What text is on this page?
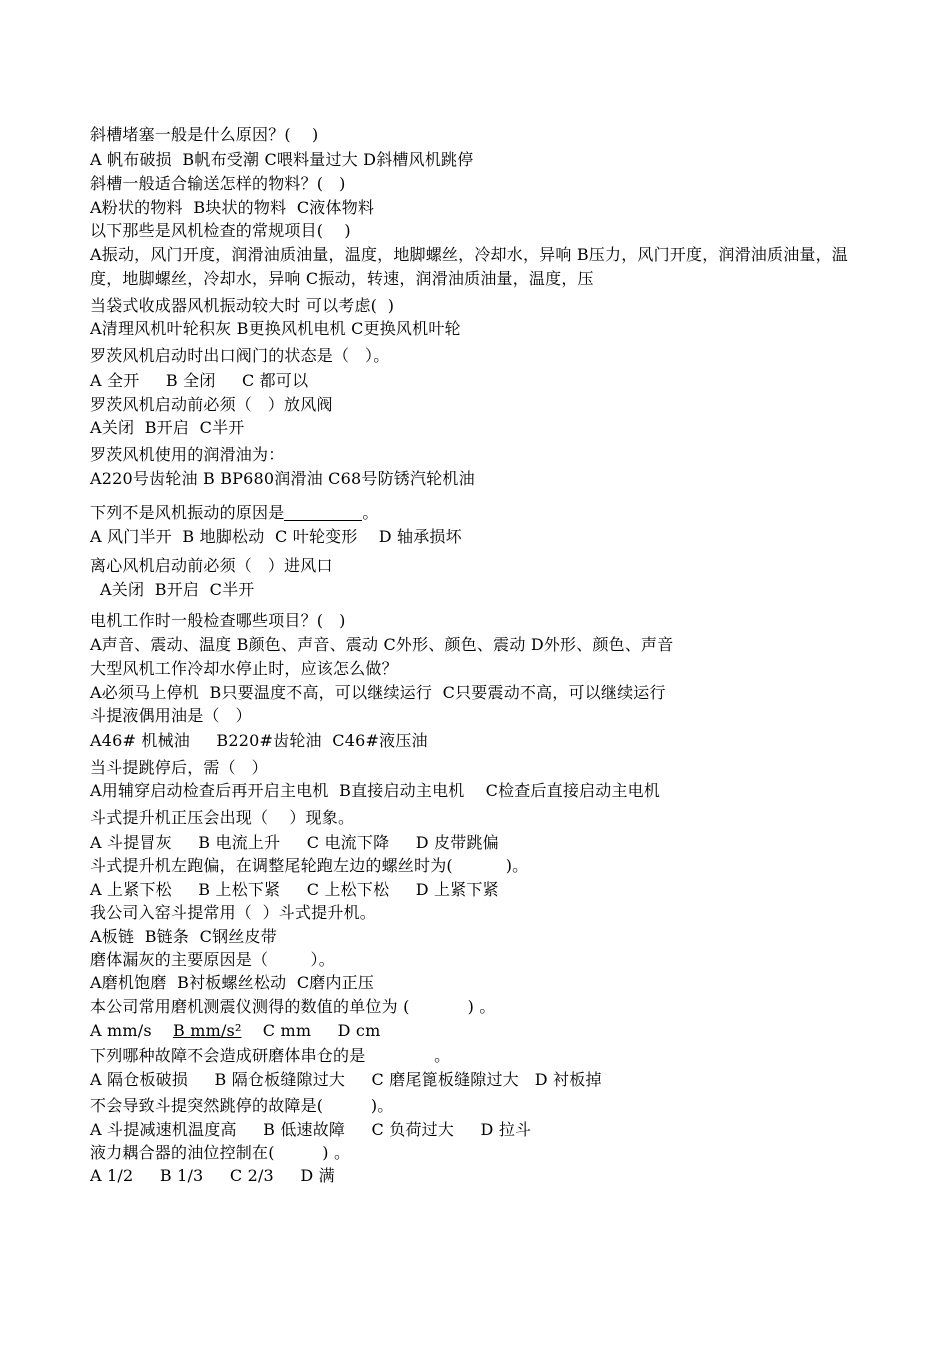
斜槽堵塞一般是什么原因？(    )
A 帆布破损  B帆布受潮 C喂料量过大 D斜槽风机跳停
斜槽一般适合输送怎样的物料？(   )
A粉状的物料  B块状的物料  C液体物料
以下那些是风机检查的常规项目(    )
A振动，风门开度，润滑油质油量，温度，地脚螺丝，冷却水，异响 B压力，风门开度，润滑油质油量，温度，地脚螺丝，冷却水，异响 C振动，转速，润滑油质油量，温度，压
当袋式收成器风机振动较大时 可以考虑(  )
A清理风机叶轮积灰 B更换风机电机 C更换风机叶轮
罗茨风机启动时出口阀门的状态是（   ）。
A 全开     B 全闭     C 都可以
罗茨风机启动前必须（   ）放风阀
A关闭  B开启  C半开
罗茨风机使用的润滑油为：
A220号齿轮油 B BP680润滑油 C68号防锈汽轮机油
下列不是风机振动的原因是	。
A 风门半开  B 地脚松动  C 叶轮变形    D 轴承损坏
离心风机启动前必须（   ）进风口
A关闭  B开启  C半开
电机工作时一般检查哪些项目？(   )
A声音、震动、温度 B颜色、声音、震动 C外形、颜色、震动 D外形、颜色、声音
大型风机工作冷却水停止时，应该怎么做？
A必须马上停机  B只要温度不高，可以继续运行  C只要震动不高，可以继续运行
斗提液偶用油是（   ）
A46# 机械油     B220#齿轮油  C46#液压油
当斗提跳停后，需（   ）
A用辅穿启动检查后再开启主电机  B直接启动主电机    C检查后直接启动主电机
斗式提升机正压会出现（    ）现象。
A 斗提冒灰     B 电流上升     C 电流下降     D 皮带跳偏
斗式提升机左跑偏，在调整尾轮跑左边的螺丝时为(          )。
A 上紧下松     B 上松下紧     C 上松下松     D 上紧下紧
我公司入窑斗提常用（  ）斗式提升机。
A板链  B链条  C钢丝皮带
磨体漏灰的主要原因是（        ）。
A磨机饱磨  B衬板螺丝松动  C磨内正压
本公司常用磨机测震仪测得的数值的单位为 (           ) 。
A mm/s B mm/s² C mm     D cm
下列哪种故障不会造成研磨体串仓的是             。
A 隔仓板破损     B 隔仓板缝隙过大     C 磨尾篦板缝隙过大   D 衬板掉
不会导致斗提突然跳停的故障是(         )。
A 斗提减速机温度高     B 低速故障     C 负荷过大     D 拉斗
液力耦合器的油位控制在(         ) 。
A 1/2     B 1/3     C 2/3     D 满
